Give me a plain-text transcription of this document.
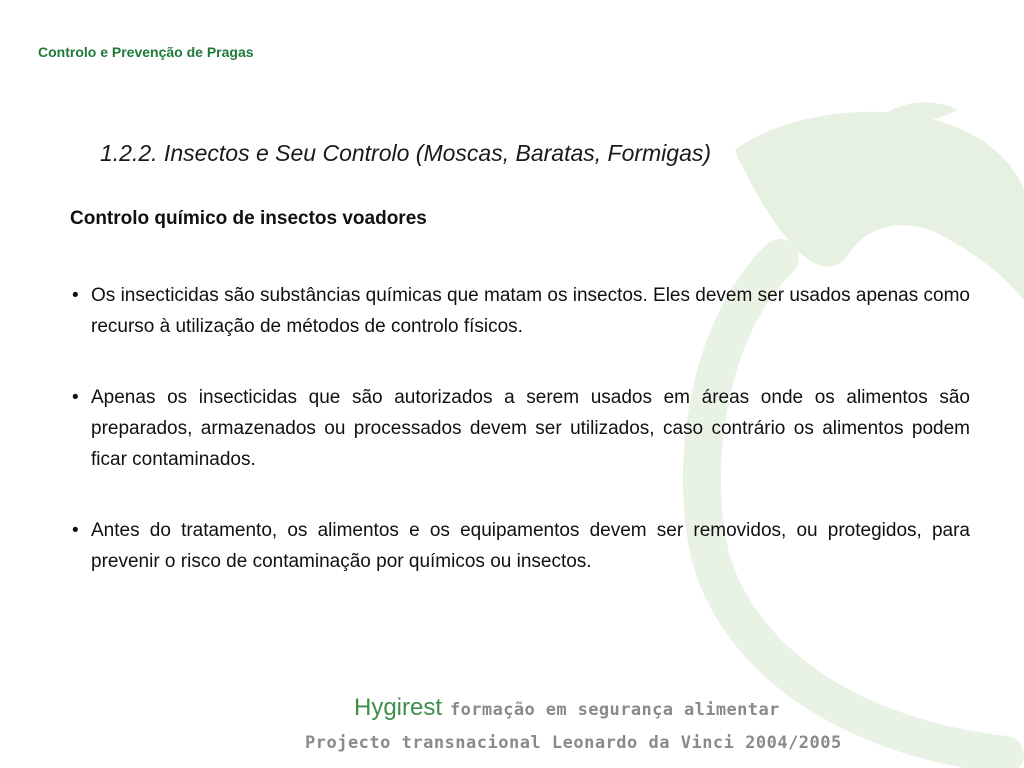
Controlo e Prevenção de Pragas
1.2.2. Insectos e Seu Controlo (Moscas, Baratas, Formigas)
Controlo químico de insectos voadores
• Os insecticidas são substâncias químicas que matam os insectos. Eles devem ser usados apenas como recurso à utilização de métodos de controlo físicos.
• Apenas os insecticidas que são autorizados a serem usados em áreas onde os alimentos são preparados, armazenados ou processados devem ser utilizados, caso contrário os alimentos podem ficar contaminados.
• Antes do tratamento, os alimentos e os equipamentos devem ser removidos, ou protegidos, para prevenir o risco de contaminação por químicos ou insectos.
Hygirest formação em segurança alimentar
Projecto transnacional Leonardo da Vinci 2004/2005
